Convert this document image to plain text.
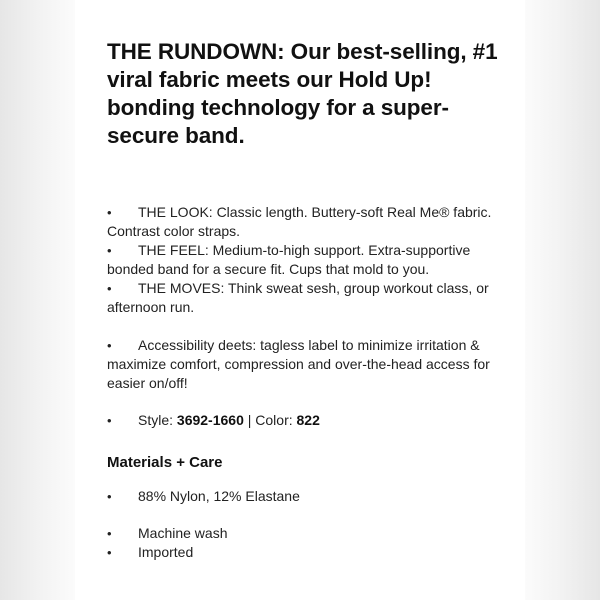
THE RUNDOWN: Our best-selling, #1 viral fabric meets our Hold Up! bonding technology for a super-secure band.
• THE LOOK: Classic length. Buttery-soft Real Me® fabric. Contrast color straps.
• THE FEEL: Medium-to-high support. Extra-supportive bonded band for a secure fit. Cups that mold to you.
• THE MOVES: Think sweat sesh, group workout class, or afternoon run.
• Accessibility deets: tagless label to minimize irritation & maximize comfort, compression and over-the-head access for easier on/off!
• Style: 3692-1660 | Color: 822
Materials + Care
• 88% Nylon, 12% Elastane
• Machine wash
• Imported
